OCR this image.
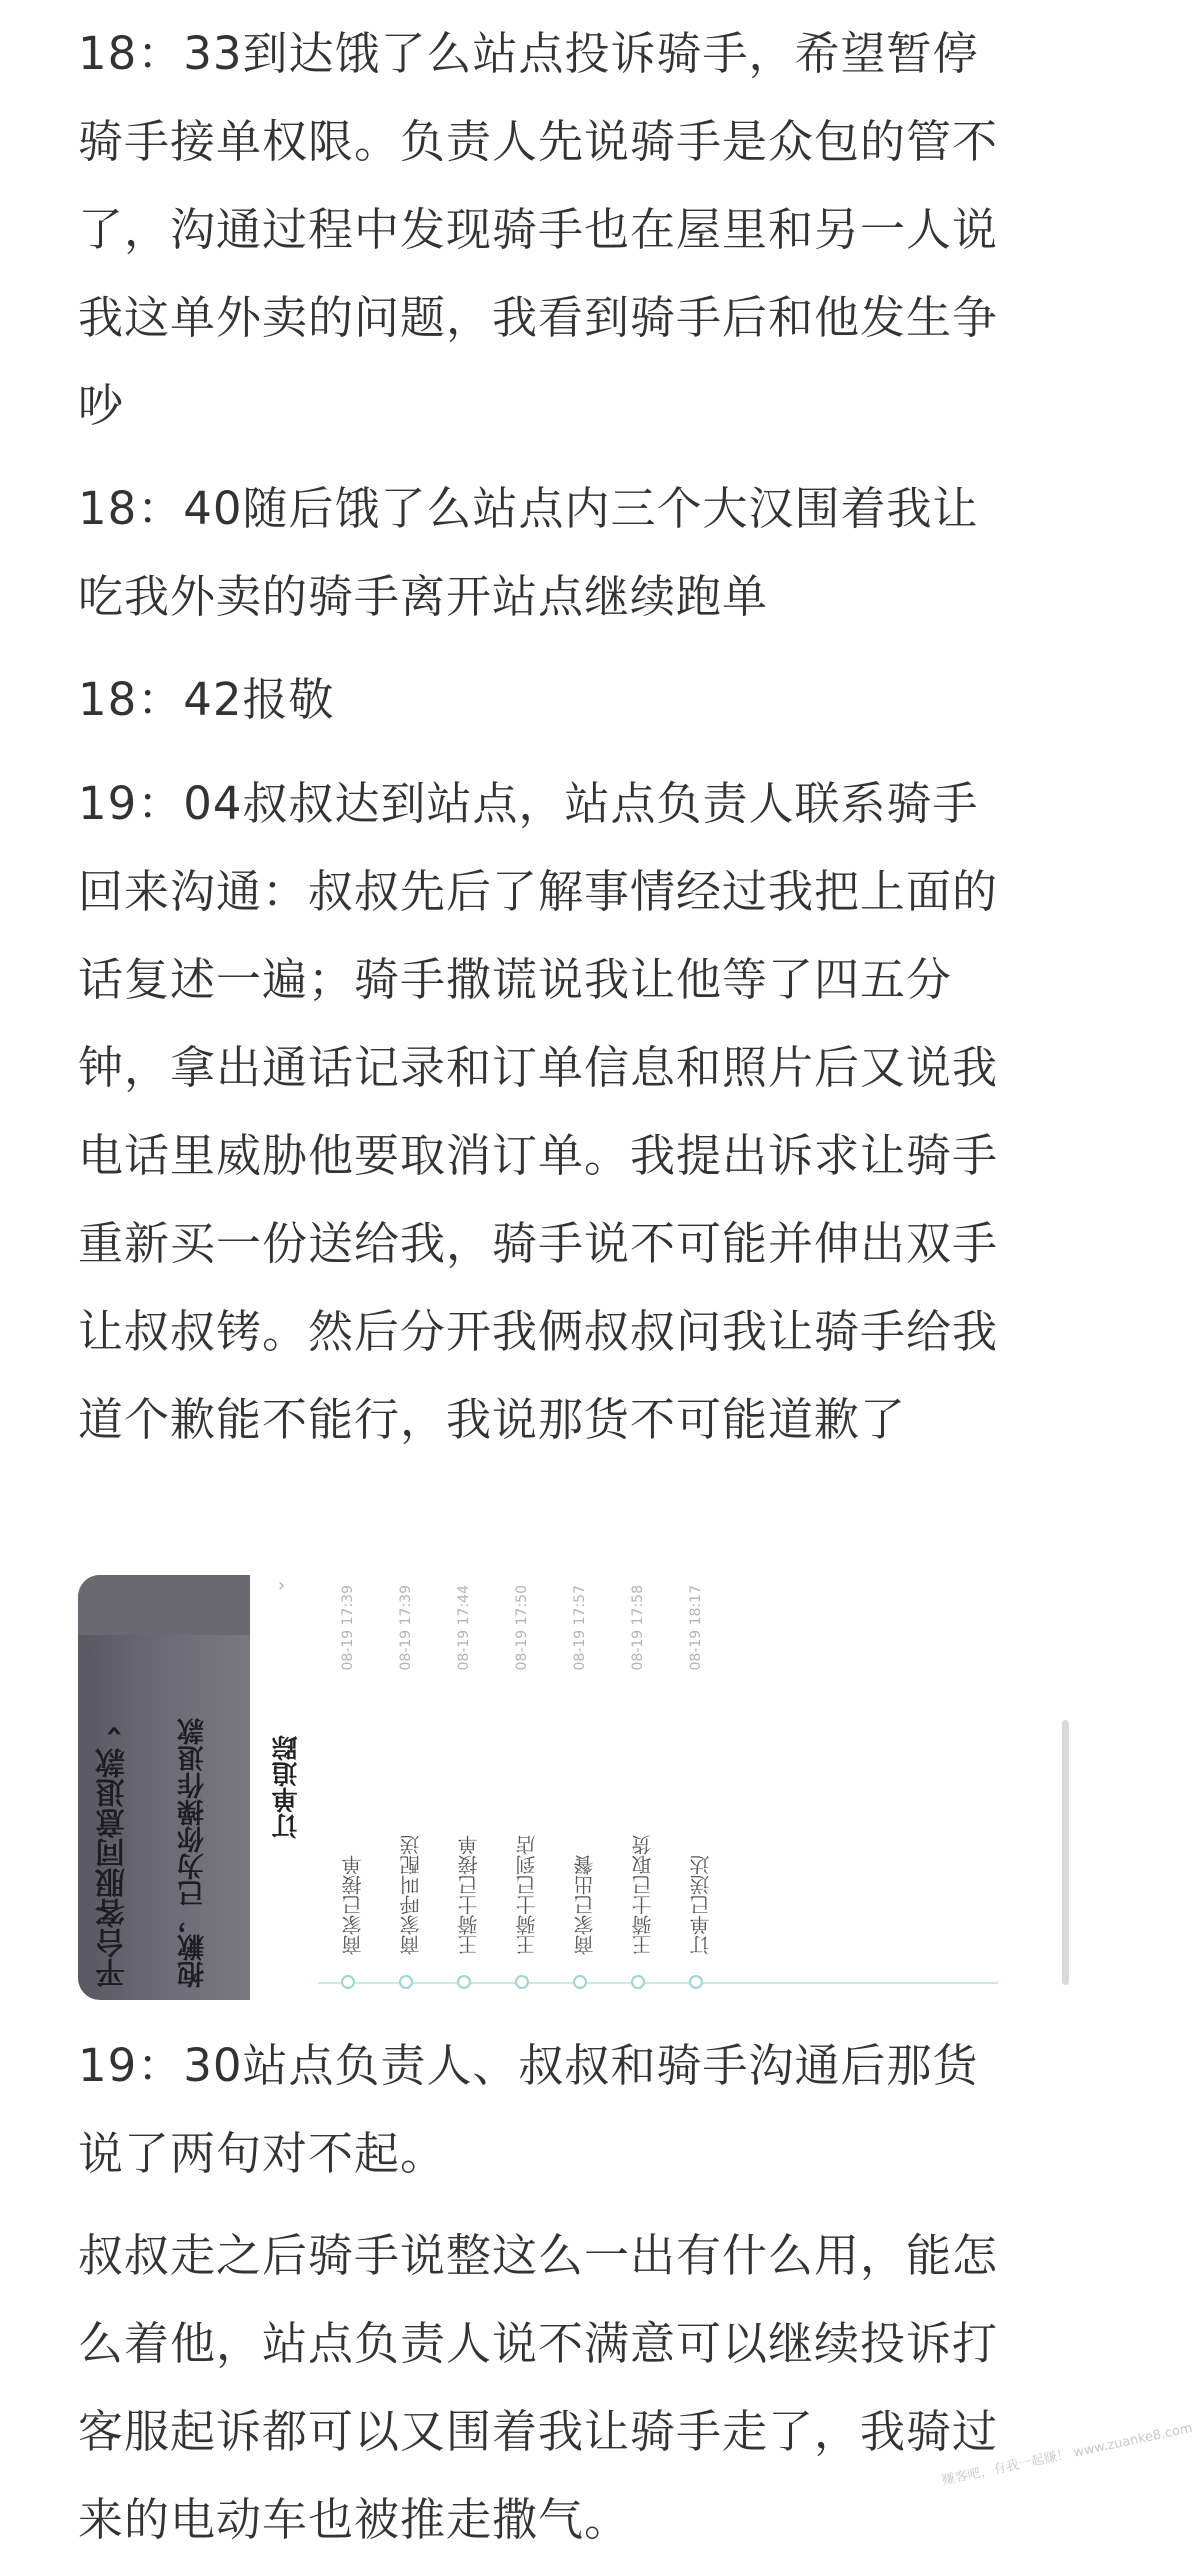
18：33到达饿了么站点投诉骑手，希望暂停骑手接单权限。负责人先说骑手是众包的管不了，沟通过程中发现骑手也在屋里和另一人说我这单外卖的问题，我看到骑手后和他发生争吵

18：40随后饿了么站点内三个大汉围着我让吃我外卖的骑手离开站点继续跑单

18：42报敬

19：04叔叔达到站点，站点负责人联系骑手回来沟通：叔叔先后了解事情经过我把上面的话复述一遍；骑手撒谎说我让他等了四五分钟，拿出通话记录和订单信息和照片后又说我电话里威胁他要取消订单。我提出诉求让骑手重新买一份送给我，骑手说不可能并伸出双手让叔叔铐。然后分开我俩叔叔问我让骑手给我道个歉能不能行，我说那货不可能道歉了

平台客服同意退款 › 抱歉，已为你操作退款
›
订单追踪
08-19 17:39
商家已接单
08-19 17:39
商家呼叫配送
08-19 17:44
王骑士已接单
08-19 17:50
王骑士已到店
08-19 17:57
商家已出餐
08-19 17:58
王骑士已取货
08-19 18:17
订单已送达

19：30站点负责人、叔叔和骑手沟通后那货说了两句对不起。

叔叔走之后骑手说整这么一出有什么用，能怎么着他，站点负责人说不满意可以继续投诉打客服起诉都可以又围着我让骑手走了，我骑过来的电动车也被推走撒气。

赚客吧，有我一起赚！ www.zuanke8.com
